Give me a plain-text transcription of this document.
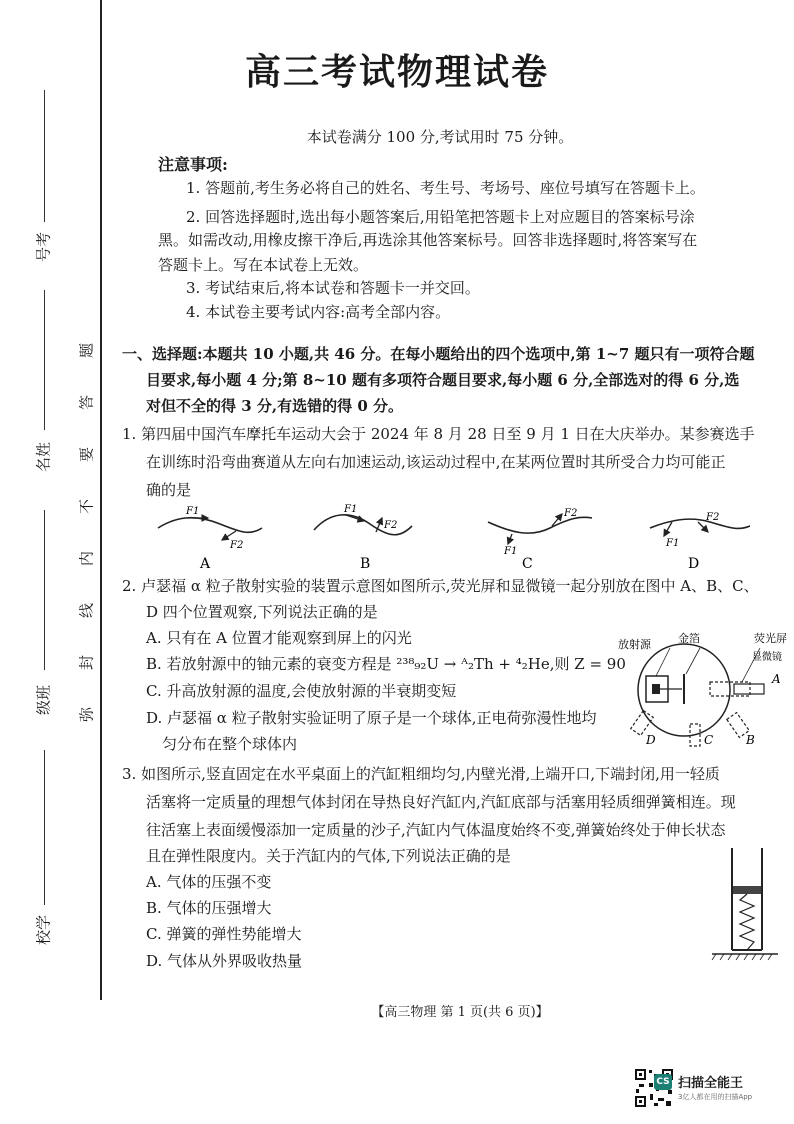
考
号
姓
名
班
级
学
校
题
答
要
不
内
线
封
弥
高三考试物理试卷
本试卷满分 100 分,考试用时 75 分钟。
注意事项:
1. 答题前,考生务必将自己的姓名、考生号、考场号、座位号填写在答题卡上。
2. 回答选择题时,选出每小题答案后,用铅笔把答题卡上对应题目的答案标号涂
黑。如需改动,用橡皮擦干净后,再选涂其他答案标号。回答非选择题时,将答案写在
答题卡上。写在本试卷上无效。
3. 考试结束后,将本试卷和答题卡一并交回。
4. 本试卷主要考试内容:高考全部内容。
一、选择题:本题共 10 小题,共 46 分。在每小题给出的四个选项中,第 1~7 题只有一项符合题
目要求,每小题 4 分;第 8~10 题有多项符合题目要求,每小题 6 分,全部选对的得 6 分,选
对但不全的得 3 分,有选错的得 0 分。
1. 第四届中国汽车摩托车运动大会于 2024 年 8 月 28 日至 9 月 1 日在大庆举办。某参赛选手
在训练时沿弯曲赛道从左向右加速运动,该运动过程中,在某两位置时其所受合力均可能正
确的是
F1
F2
A
F1
F2
B
F1
F2
C
F1
F2
D
2. 卢瑟福 α 粒子散射实验的装置示意图如图所示,荧光屏和显微镜一起分别放在图中 A、B、C、
D 四个位置观察,下列说法正确的是
A. 只有在 A 位置才能观察到屏上的闪光
B. 若放射源中的铀元素的衰变方程是 ²³⁸₉₂U → ᴬ₂Th + ⁴₂He,则 Z = 90
C. 升高放射源的温度,会使放射源的半衰期变短
D. 卢瑟福 α 粒子散射实验证明了原子是一个球体,正电荷弥漫性地均
匀分布在整个球体内
放射源 金箔	荧光屏
显微镜
A
B
C
D
3. 如图所示,竖直固定在水平桌面上的汽缸粗细均匀,内壁光滑,上端开口,下端封闭,用一轻质
活塞将一定质量的理想气体封闭在导热良好汽缸内,汽缸底部与活塞用轻质细弹簧相连。现
往活塞上表面缓慢添加一定质量的沙子,汽缸内气体温度始终不变,弹簧始终处于伸长状态
且在弹性限度内。关于汽缸内的气体,下列说法正确的是
A. 气体的压强不变
B. 气体的压强增大
C. 弹簧的弹性势能增大
D. 气体从外界吸收热量
【高三物理 第 1 页(共 6 页)】
CS 扫描全能王
3亿人都在用的扫描App
